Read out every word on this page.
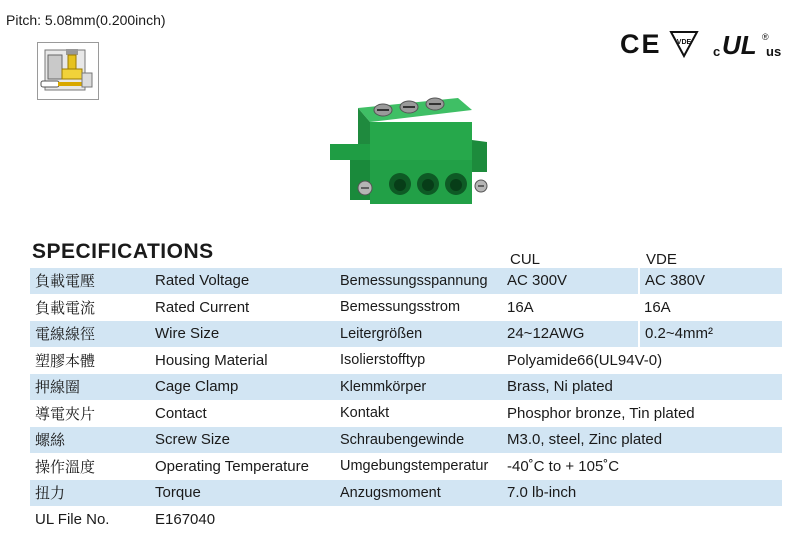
Pitch: 5.08mm(0.200inch)
CE VDE
c UL ®
us
SPECIFICATIONS	CUL	VDE
負載電壓	Rated Voltage	Bemessungsspannung	AC 300V	AC 380V
負載電流	Rated Current	Bemessungsstrom	16A	16A
電線線徑	Wire Size	Leitergrößen	24~12AWG	0.2~4mm²
塑膠本體	Housing Material	Isolierstofftyp	Polyamide66(UL94V-0)	
押線圈	Cage Clamp	Klemmkörper	Brass, Ni plated	
導電夾片	Contact	Kontakt	Phosphor bronze, Tin plated	
螺絲	Screw Size	Schraubengewinde	M3.0, steel, Zinc plated	
操作溫度	Operating Temperature	Umgebungstemperatur	-40˚C to + 105˚C	
扭力	Torque	Anzugsmoment	7.0 lb-inch	
UL File No.	E167040			
